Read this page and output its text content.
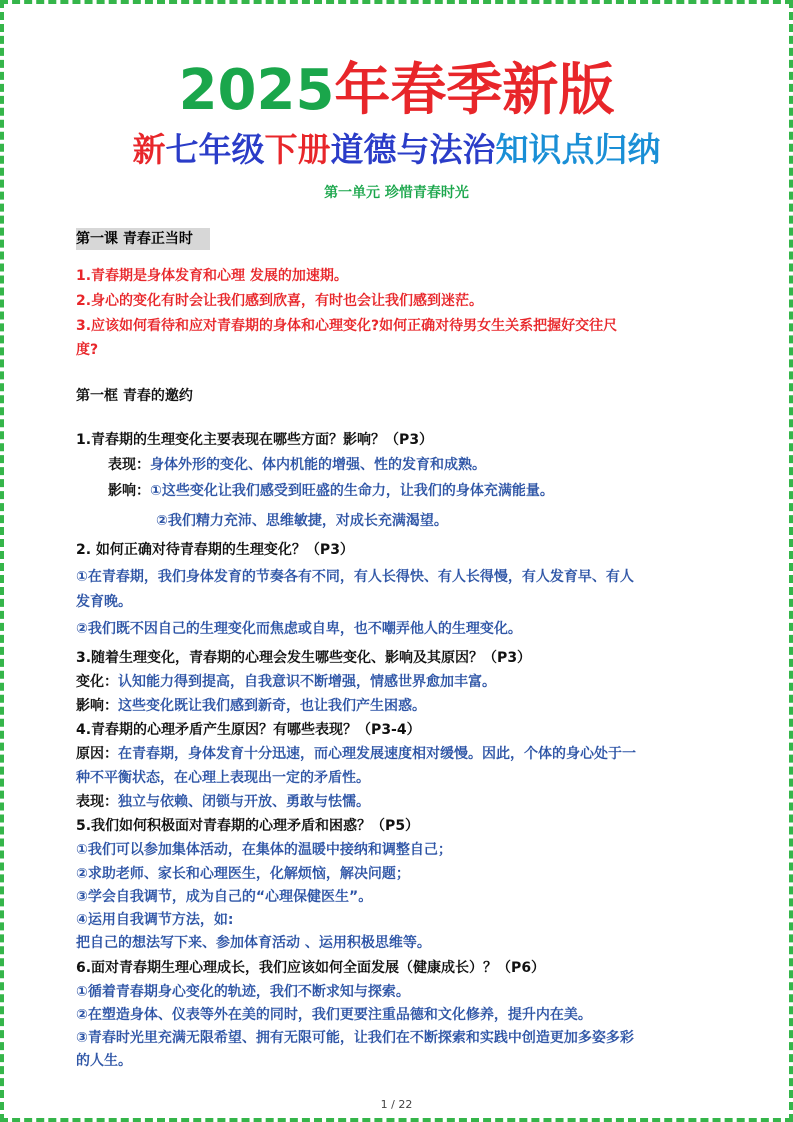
2025年春季新版
新七年级下册道德与法治知识点归纳
第一单元 珍惜青春时光
第一课 青春正当时
1.青春期是身体发育和心理 发展的加速期。
2.身心的变化有时会让我们感到欣喜，有时也会让我们感到迷茫。
3.应该如何看待和应对青春期的身体和心理变化?如何正确对待男女生关系把握好交往尺
度?
第一框 青春的邀约
1.青春期的生理变化主要表现在哪些方面？影响？（P3）
表现：身体外形的变化、体内机能的增强、性的发育和成熟。
影响：①这些变化让我们感受到旺盛的生命力，让我们的身体充满能量。
②我们精力充沛、思维敏捷，对成长充满渴望。
2. 如何正确对待青春期的生理变化？（P3）
①在青春期，我们身体发育的节奏各有不同，有人长得快、有人长得慢，有人发育早、有人
发育晚。
②我们既不因自己的生理变化而焦虑或自卑，也不嘲弄他人的生理变化。
3.随着生理变化，青春期的心理会发生哪些变化、影响及其原因？（P3）
变化：认知能力得到提高，自我意识不断增强，情感世界愈加丰富。
影响：这些变化既让我们感到新奇，也让我们产生困惑。
4.青春期的心理矛盾产生原因？有哪些表现？（P3-4）
原因：在青春期，身体发育十分迅速，而心理发展速度相对缓慢。因此，个体的身心处于一
种不平衡状态，在心理上表现出一定的矛盾性。
表现：独立与依赖、闭锁与开放、勇敢与怯懦。
5.我们如何积极面对青春期的心理矛盾和困惑？（P5）
①我们可以参加集体活动，在集体的温暖中接纳和调整自己；
②求助老师、家长和心理医生，化解烦恼，解决问题；
③学会自我调节，成为自己的“心理保健医生”。
④运用自我调节方法，如:
把自己的想法写下来、参加体育活动 、运用积极思维等。
6.面对青春期生理心理成长，我们应该如何全面发展（健康成长）？（P6）
①循着青春期身心变化的轨迹，我们不断求知与探索。
②在塑造身体、仪表等外在美的同时，我们更要注重品德和文化修养，提升内在美。
③青春时光里充满无限希望、拥有无限可能，让我们在不断探索和实践中创造更加多姿多彩
的人生。
1 / 22
